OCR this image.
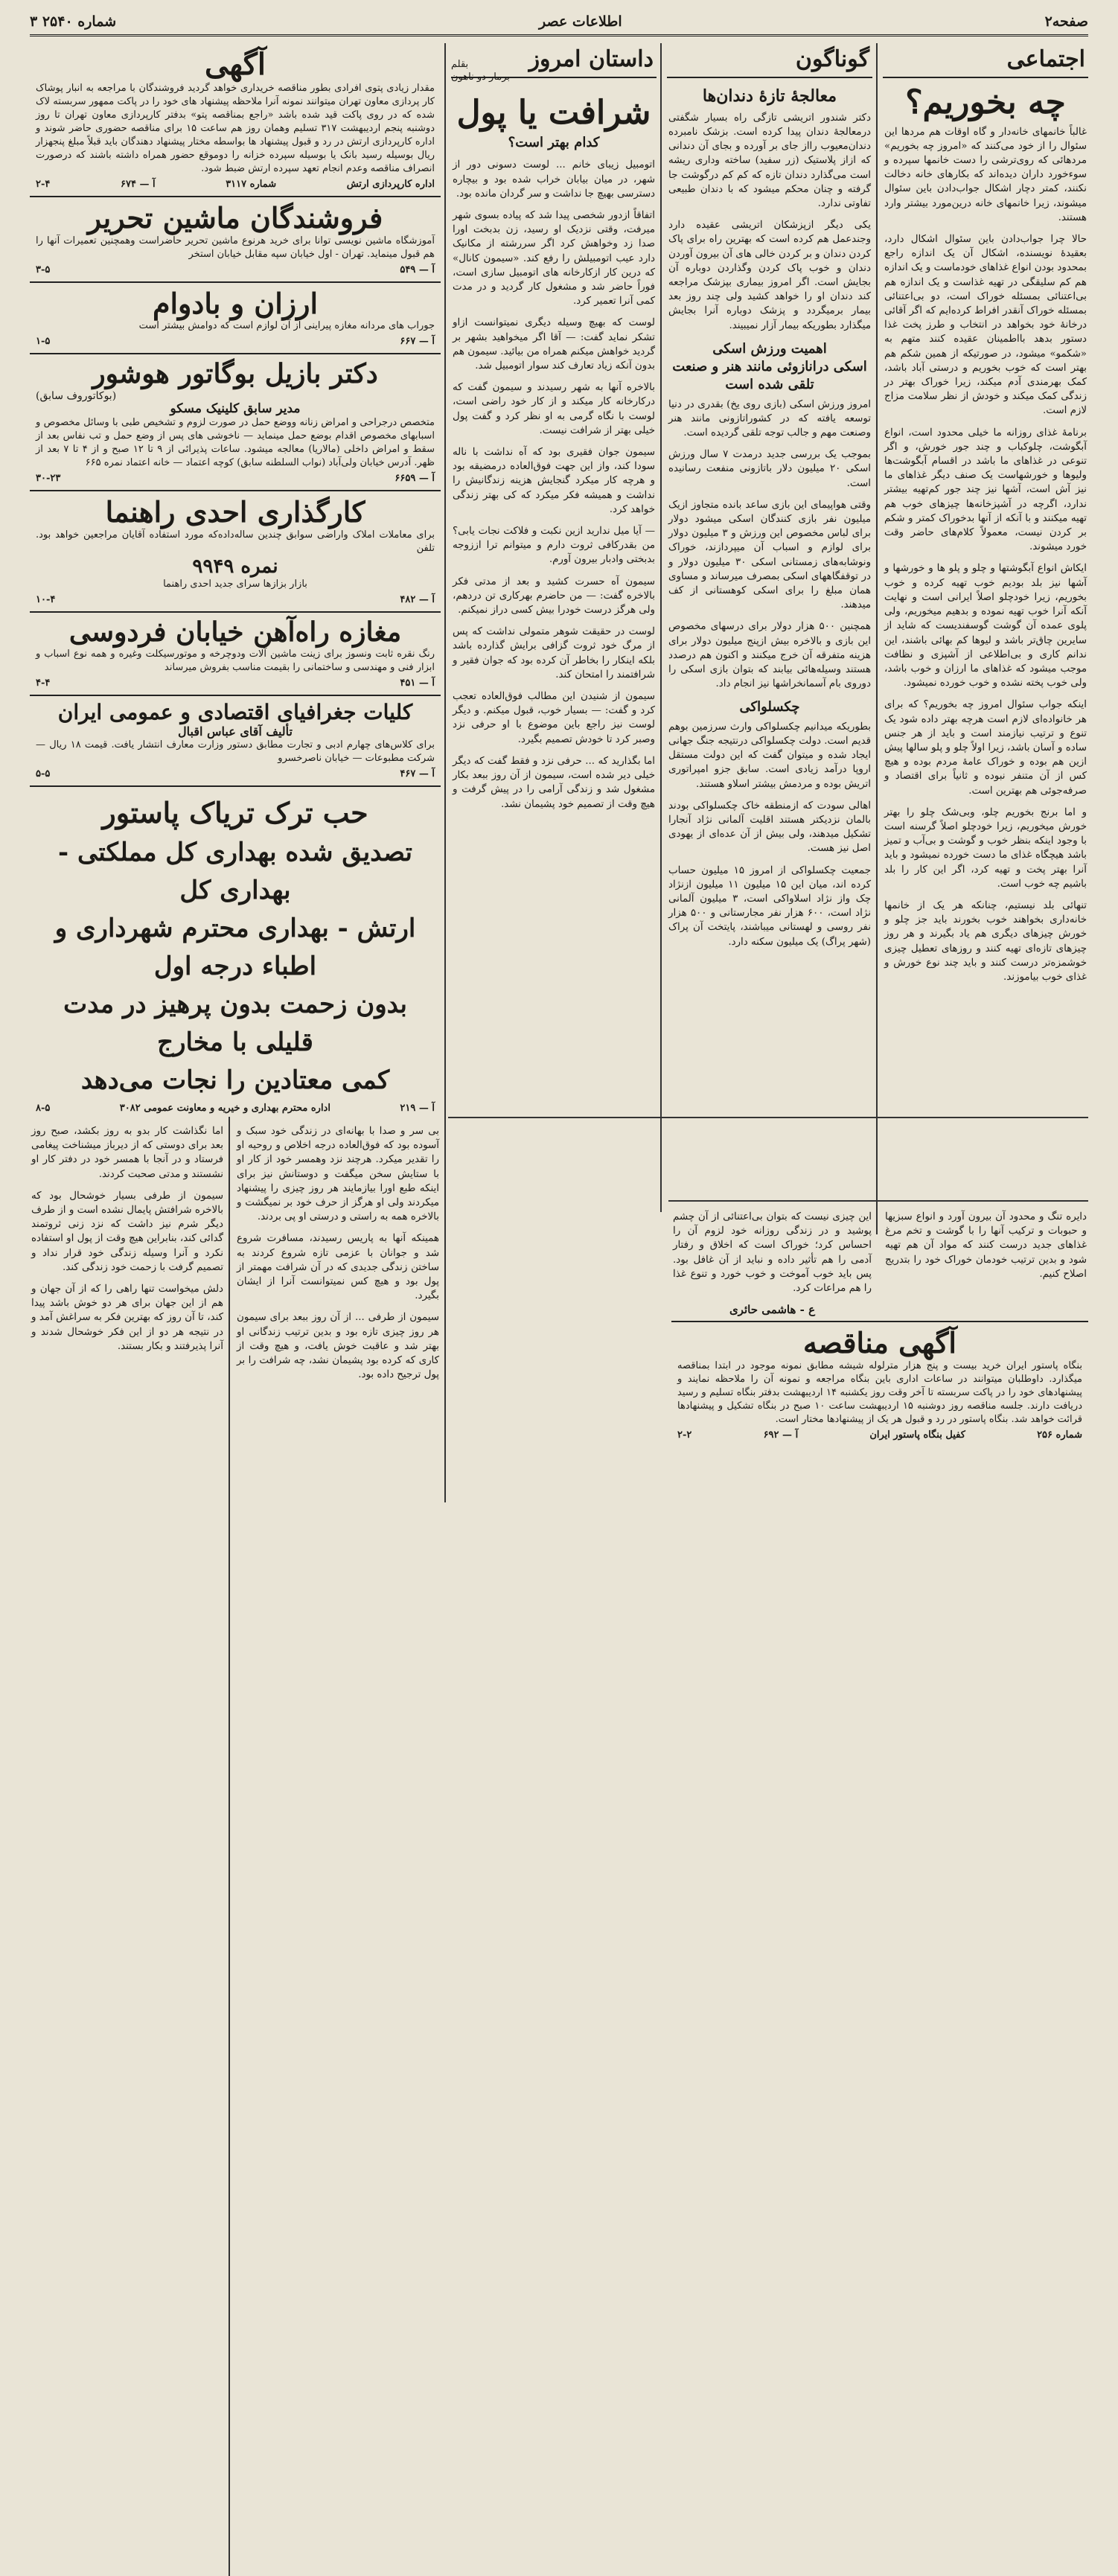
صفحه۲
اطلاعات عصر
شماره ۲۵۴۰ ۳
اجتماعی
چه بخوریم؟

غالباً خانمهای خانه‌دار و گاه اوقات هم مردها این سئوال را از خود می‌کنند که «امروز چه بخوریم» مردهائی که روی‌ترشی را دست خانمها سپرده و سوء‌خورد داران دیده‌اند که بکارهای خانه دخالت نکنند، کمتر دچار اشکال جواب‌دادن باین سئوال میشوند، زیرا خانمهای خانه درین‌مورد بیشتر وارد هستند.

حالا چرا جواب‌دادن باین سئوال اشکال دارد، بعقیدهٔ نویسنده، اشکال آن یک اندازه راجع بمحدود بودن انواع غذاهای خودماست و یک اندازه هم کم سلیقگی در تهیه غذاست و یک اندازه هم بی‌اعتنائی بمسئله خوراک است، دو بی‌اعتنائی بمسئله خوراک آنقدر افراط کرده‌ایم که اگر آقائی درخانهٔ خود بخواهد در انتخاب و طرز پخت غذا دستور بدهد بااطمینان عقیده کنند متهم به «شکمو» میشود، در صورتیکه از همین شکم هم بهتر است که خوب بخوریم و درستی آباد باشد، کمک بهرمندی آدم میکند، زیرا خوراک بهتر در زندگی کمک میکند و خودش از نظر سلامت مزاج لازم است.

برنامهٔ غذای روزانه ما خیلی محدود است، انواع آبگوشت، چلوکباب و چند جور خورش، و اگر تنوعی در غذاهای ما باشد در اقسام آبگوشت‌ها ولیوها و خورشهاست یک صنف دیگر غذاهای ما نیز آش است، آشها نیز چند جور کم‌تهیه بیشتر ندارد، اگرچه در آشپزخانه‌ها چیزهای خوب هم تهیه میکنند و با آنکه از آنها بدخوراک کمتر و شکم بر کردن نیست، معمولاً کلام‌های حاضر وقت خورد میشوند.

ایکاش انواع آبگوشتها و چلو و پلو ها و خورشها و آشها نیز بلد بودیم خوب تهیه کرده و خوب بخوریم، زیرا خودچلو اصلاً ایرانی است و نهایت آنکه آنرا خوب تهیه نموده و بدهیم میخوریم، ولی پلوی عمده آن گوشت گوسفندیست که شاید از سایرین چاق‌تر باشد و لیوها کم بهائی باشند، این ندانم کاری و بی‌اطلاعی از آشپزی و نظافت موجب میشود که غذاهای ما ارزان و خوب باشد، ولی خوب پخته نشده و خوب خورده نمیشود.

اینکه جواب سئوال امروز چه بخوریم؟ که برای هر خانواده‌ای لازم است هرچه بهتر داده شود یک تنوع و ترتیب نیازمند است و باید از هر جنس ساده و آسان باشد، زیرا اولاً چلو و پلو سالها پیش ازین هم بوده و خوراک عامهٔ مردم بوده و هیچ کس از آن متنفر نبوده و ثانیاً برای اقتصاد و صرفه‌جوئی هم بهترین است.

و اما برنج بخوریم چلو، وبی‌شک چلو را بهتر خورش میخوریم، زیرا خودچلو اصلاً گرسنه است با وجود اینکه بنظر خوب و گوشت و بی‌آب و تمیز باشد هیچگاه غذای ما دست خورده نمیشود و باید آنرا بهتر پخت و تهیه کرد، اگر این کار را بلد باشیم چه خوب است.

تنهائی بلد نیستیم، چنانکه هر یک از خانمها خانه‌داری بخواهند خوب بخورند باید جز چلو و خورش چیزهای دیگری هم یاد بگیرند و هر روز چیزهای تازه‌ای تهیه کنند و روزهای تعطیل چیزی خوشمزه‌تر درست کنند و باید چند نوع خورش و غذای خوب بیاموزند.

گوناگون
معالجهٔ تازهٔ دندان‌ها

دکتر شندور اتریشی تازگی راه بسیار شگفتی درمعالجهٔ دندان پیدا کرده است. بزشک نامبرده دندان‌معیوب رااز جای بر آورده و بجای آن دندانی که ازاز پلاستیک (زر سفید) ساخته وداری ریشه است می‌گذارد دندان تازه که کم کم درگوشت جا گرفته و چنان محکم میشود که با دندان طبیعی تفاوتی ندارد.

یکی دیگر ازپزشکان اتریشی عقیده دارد وجندعمل هم کرده است که بهترین راه برای پاک کردن دندان و بر کردن خالی های آن بیرون آوردن دندان و خوب پاک کردن وگذاردن دوباره آن بجایش است. اگر امروز بیماری بپزشک مراجعه کند دندان او را خواهد کشید ولی چند روز بعد بیمار برمیگردد و پزشک دوباره آنرا بجایش میگذارد بطوریکه بیمار آزار نمیبیند.

اهمیت ورزش اسکی
اسکی درانازوئی مانند هنر و صنعت تلقی شده است

امروز ورزش اسکی (بازی روی یخ) بقدری در دنیا توسعه یافته که در کشوراتازونی مانند هنر وصنعت مهم و جالب توجه تلقی گردیده است.

بموجب یک بررسی جدید درمدت ۷ سال ورزش اسکی ۲۰ میلیون دلار باتازونی منفعت رسانیده است.

وقتی هواپیمای این بازی ساعد بانده متجاوز ازیک میلیون نفر بازی کنندگان اسکی میشود دولار برای لباس مخصوص این ورزش و ۳ میلیون دولار برای لوازم و اسباب آن میپردازند، خوراک ونوشابه‌های زمستانی اسکی ۳۰ میلیون دولار و در توقفگاههای اسکی بمصرف میرساند و مساوی همان مبلغ را برای اسکی کوهستانی از کف میدهند.

همچنین ۵۰۰ هزار دولار برای درسهای مخصوص این بازی و بالاخره بیش ازپنج میلیون دولار برای هزینه متفرقه آن خرج میکنند و اکنون هم درصدد هستند وسیله‌هائی بیابند که بتوان بازی اسکی را دوروی بام آسمانخراشها نیز انجام داد.

چکسلواکی

بطوریکه میدانیم چکسلواکی وارث سرزمین بوهم قدیم است. دولت چکسلواکی درنتیجه جنگ جهانی ایجاد شده و میتوان گفت که این دولت مستقل اروپا درآمد زیادی است. سابق جزو امپراتوری اتریش بوده و مردمش بیشتر اسلاو هستند.

اهالی سودت که ازمنطقه خاک چکسلواکی بودند بالمان نزدیکتر هستند اقلیت آلمانی نژاد آنجارا تشکیل میدهند، ولی بیش از آن عده‌ای از یهودی اصل نیز هست.

جمعیت چکسلواکی از امروز ۱۵ میلیون حساب کرده اند، میان این ۱۵ میلیون ۱۱ میلیون ازنژاد چک واز نژاد اسلاواکی است، ۳ میلیون آلمانی نژاد است، ۶۰۰ هزار نفر مجارستانی و ۵۰۰ هزار نفر روسی و لهستانی میباشند، پایتخت آن پراک (شهر پراگ) یک میلیون سکنه دارد.

داستان امروز
بقلم
برمار دو ناهون
شرافت یا پول
کدام بهتر است؟

اتومبیل زیبای خانم ... لوست دسونی دور از شهر، در میان بیابان خراب شده بود و بیچاره دسترسی بهیچ جا نداشت و سر گردان مانده بود.

اتفاقاً ازدور شخصی پیدا شد که پیاده بسوی شهر میرفت، وقتی نزدیک او رسید، زن بدبخت اورا صدا زد وخواهش کرد اگر سررشته از مکانیک دارد عیب اتومبیلش را رفع کند. «سیمون کانال» که درین کار ازکارخانه های اتومبیل سازی است، فوراً حاضر شد و مشغول کار گردید و در مدت کمی آنرا تعمیر کرد.

لوست که بهیچ وسیله دیگری نمیتوانست ازاو تشکر نماید گفت: — آقا اگر میخواهید بشهر بر گردید خواهش میکنم همراه من بیائید. سیمون هم بدون آنکه زیاد تعارف کند سوار اتومبیل شد.

بالاخره آنها به شهر رسیدند و سیمون گفت که درکارخانه کار میکند و از کار خود راضی است، لوست با نگاه گرمی به او نظر کرد و گفت پول خیلی بهتر از شرافت نیست.

سیمون جوان فقیری بود که آه نداشت با ناله سودا کند، واز این جهت فوق‌العاده درمضیقه بود و هرچه کار میکرد گنجایش هزینه زندگانیش را نداشت و همیشه فکر میکرد که کی بهتر زندگی خواهد کرد.

— آیا میل ندارید ازین نکبت و فلاکت نجات یابی؟ من بقدرکافی ثروت دارم و میتوانم ترا اززوجه بدبختی وادبار بیرون آورم.

سیمون آه حسرت کشید و بعد از مدتی فکر بالاخره گفت: — من حاضرم بهرکاری تن دردهم، ولی هرگز درست خودرا بیش کسی دراز نمیکنم.

لوست در حقیقت شوهر متمولی نداشت که پس از مرگ خود ثروت گزافی برایش گذارده باشد بلکه اینکار را بخاطر آن کرده بود که جوان فقیر و شرافتمند را امتحان کند.

سیمون از شنیدن این مطالب فوق‌العاده تعجب کرد و گفت: — بسیار خوب، قبول میکنم. و دیگر لوست نیز راجع باین موضوع با او حرفی نزد وصبر کرد تا خودش تصمیم بگیرد.

اما بگذارید که ... حرفی نزد و فقط گفت که دیگر خیلی دیر شده است، سیمون از آن روز ببعد بکار مشغول شد و زندگی آرامی را در پیش گرفت و هیچ وقت از تصمیم خود پشیمان نشد.

آگهی
مقدار زیادی پتوی افرادی بطور مناقصه خریداری خواهد گردید فروشندگان با مراجعه به انبار پوشاک کار پردازی معاون تهران میتوانند نمونه آنرا ملاحظه پیشنهاد های خود را در پاکت ممهور سربسته لاک شده که در روی پاکت قید شده باشد «راجع بمناقصه پتو» بدفتر کارپردازی معاون تهران تا روز دوشنبه پنجم اردیبهشت ۳۱۷ تسلیم وهمان روز هم ساعت ۱۵ برای مناقصه حضوری حاضر شوند و اداره کارپردازی ارتش در رد و قبول پیشنهاد ها بواسطه مختار پیشنهاد دهندگان باید قبلاً مبلغ پنجهزار ریال بوسیله رسید بانک یا بوسیله سپرده خزانه را دوموقع حضور همراه داشته باشند که درصورت انصراف مناقصه وعدم انجام تعهد سپرده ارتش ضبط شود.
اداره کارپردازی ارتش
شماره ۳۱۱۷
آ — ۶۷۴
۲-۴
فروشندگان ماشین تحریر
آموزشگاه ماشین نویسی توانا برای خرید هرنوع ماشین تحریر حاضراست وهمچنین تعمیرات آنها را هم قبول مینماید. تهران - اول خیابان سپه مقابل خیابان استخر
آ — ۵۴۹
۳-۵
ارزان و بادوام
جوراب های مردانه مغازه پیراینی از آن لوازم است که دوامش بیشتر است
آ — ۶۶۷
۱-۵
دکتر بازیل بوگاتور هوشور
(بوکاتوروف سابق)
مدیر سابق کلینیک مسکو
متخصص درجراحی و امراض زنانه ووضع حمل در صورت لزوم و تشخیص طبی با وسائل مخصوص و اسبابهای مخصوص اقدام بوضع حمل مینماید — ناخوشی های پس از وضع حمل و تب نفاس بعد از سقط و امراض داخلی (مالاریا) معالجه میشود. ساعات پذیرائی از ۹ تا ۱۲ صبح و از ۴ تا ۷ بعد از ظهر. آدرس خیابان ولی‌آباد (نواب السلطنه سابق) کوچه اعتماد — خانه اعتماد نمره ۶۶۵
آ — ۶۶۵۹
۳۰-۲۳
کارگذاری احدی راهنما
برای معاملات املاک واراضی سوابق چندین ساله‌داده‌که مورد استفاده آقایان مراجعین خواهد بود. تلفن
نمره ۹۹۴۹
بازار بزازها سرای جدید احدی راهنما
آ — ۴۸۲
۱۰-۴
مغازه راه‌آهن خیابان فردوسی
رنگ نقره ثابت ونسوز برای زینت ماشین آلات ودوچرخه و موتورسیکلت وغیره و همه نوع اسباب و ابزار فنی و مهندسی و ساختمانی را بقیمت مناسب بفروش میرساند
آ — ۴۵۱
۴-۴
کلیات جغرافیای اقتصادی و عمومی ایران
تألیف آقای عباس اقبال
برای کلاس‌های چهارم ادبی و تجارت مطابق دستور وزارت معارف انتشار یافت. قیمت ۱۸ ریال — شرکت مطبوعات — خیابان ناصرخسرو
آ — ۴۶۷
۵-۵
حب ترک تریاک پاستور
تصدیق شده بهداری کل مملکتی - بهداری کل
ارتش - بهداری محترم شهرداری و اطباء درجه اول
بدون زحمت بدون پرهیز در مدت قلیلی با مخارج
کمی معتادین را نجات می‌دهد
آ — ۲۱۹
اداره محترم بهداری و خیریه و معاونت عمومی ۳۰۸۲
۸-۵

دایره تنگ و محدود آن بیرون آورد و انواع سبزیها و حبوبات و ترکیب آنها را با گوشت و تخم مرغ غذاهای جدید درست کنند که مواد آن هم تهیه شود و بدین ترتیب خودمان خوراک خود را بتدریج اصلاح کنیم.

این چیزی نیست که بتوان بی‌اعتنائی از آن چشم پوشید و در زندگی روزانه خود لزوم آن را احساس کرد؛ خوراک است که اخلاق و رفتار آدمی را هم تأثیر داده و نباید از آن غافل بود. پس باید خوب آموخت و خوب خورد و تنوع غذا را هم مراعات کرد.

ع - هاشمی حائری
آگهی مناقصه
بنگاه پاستور ایران خرید بیست و پنج هزار مترلوله شیشه مطابق نمونه موجود در ابتدا بمناقصه میگذارد. داوطلبان میتوانند در ساعات اداری باین بنگاه مراجعه و نمونه آن را ملاحظه نمایند و پیشنهادهای خود را در پاکت سربسته تا آخر وقت روز یکشنبه ۱۴ اردیبهشت بدفتر بنگاه تسلیم و رسید دریافت دارند. جلسه مناقصه روز دوشنبه ۱۵ اردیبهشت ساعت ۱۰ صبح در بنگاه تشکیل و پیشنهادها قرائت خواهد شد. بنگاه پاستور در رد و قبول هر یک از پیشنهادها مختار است.
شماره ۲۵۶
کفیل بنگاه پاستور ایران
آ — ۶۹۲
۲-۲

بی سر و صدا با بهانه‌ای در زندگی خود سبک و آسوده بود که فوق‌العاده درجه اخلاص و روحیه او را تقدیر میکرد. هرچند نزد وهمسر خود از کار او با ستایش سخن میگفت و دوستانش نیز برای اینکه طبع اورا بیازمایند هر روز چیزی را پیشنهاد میکردند ولی او هرگز از حرف خود بر نمیگشت و بالاخره همه به راستی و درستی او پی بردند.

همینکه آنها به پاریس رسیدند، مسافرت شروع شد و جوانان با عزمی تازه شروع کردند به ساختن زندگی جدیدی که در آن شرافت مهمتر از پول بود و هیچ کس نمیتوانست آنرا از ایشان بگیرد.

سیمون از طرفی ... از آن روز ببعد برای سیمون هر روز چیزی تازه بود و بدین ترتیب زندگانی او بهتر شد و عاقبت خوش یافت، و هیچ وقت از کاری که کرده بود پشیمان نشد، چه شرافت را بر پول ترجیح داده بود.

اما نگذاشت کار بدو به روز بکشد، صبح روز بعد برای دوستی که از دیرباز میشناخت پیغامی فرستاد و در آنجا با همسر خود در دفتر کار او نشستند و مدتی صحبت کردند.

سیمون از طرفی بسیار خوشحال بود که بالاخره شرافتش پایمال نشده است و از طرف دیگر شرم نیز داشت که نزد زنی ثروتمند گدائی کند، بنابراین هیچ وقت از پول او استفاده نکرد و آنرا وسیله زندگی خود قرار نداد و تصمیم گرفت با زحمت خود زندگی کند.

دلش میخواست تنها راهی را که از آن جهان و هم از این جهان برای هر دو خوش باشد پیدا کند، تا آن روز که بهترین فکر به سراغش آمد و در نتیجه هر دو از این فکر خوشحال شدند و آنرا پذیرفتند و بکار بستند.
